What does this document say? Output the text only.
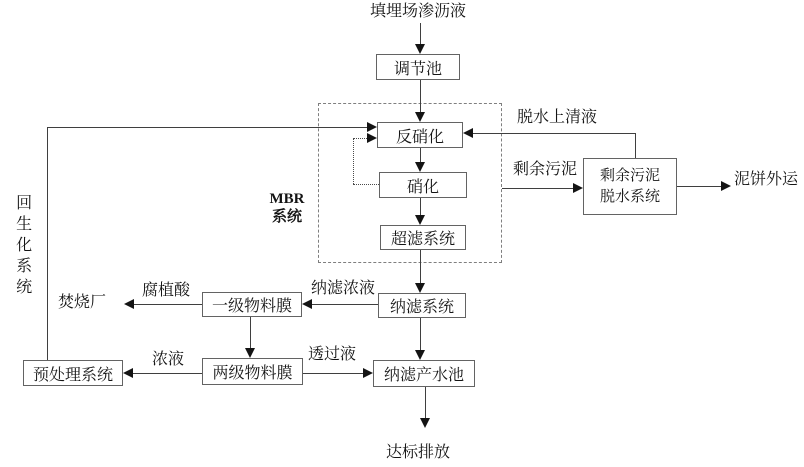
调节池
反硝化
硝化
超滤系统
纳滤系统
一级物料膜
两级物料膜	纳滤产水池
预处理系统
剩余污泥
脱水系统
填埋场渗沥液
MBR
系统
脱水上清液
剩余污泥
泥饼外运
回生化系统	纳滤浓液
透过液
腐植酸
焚烧厂
浓液
达标排放
